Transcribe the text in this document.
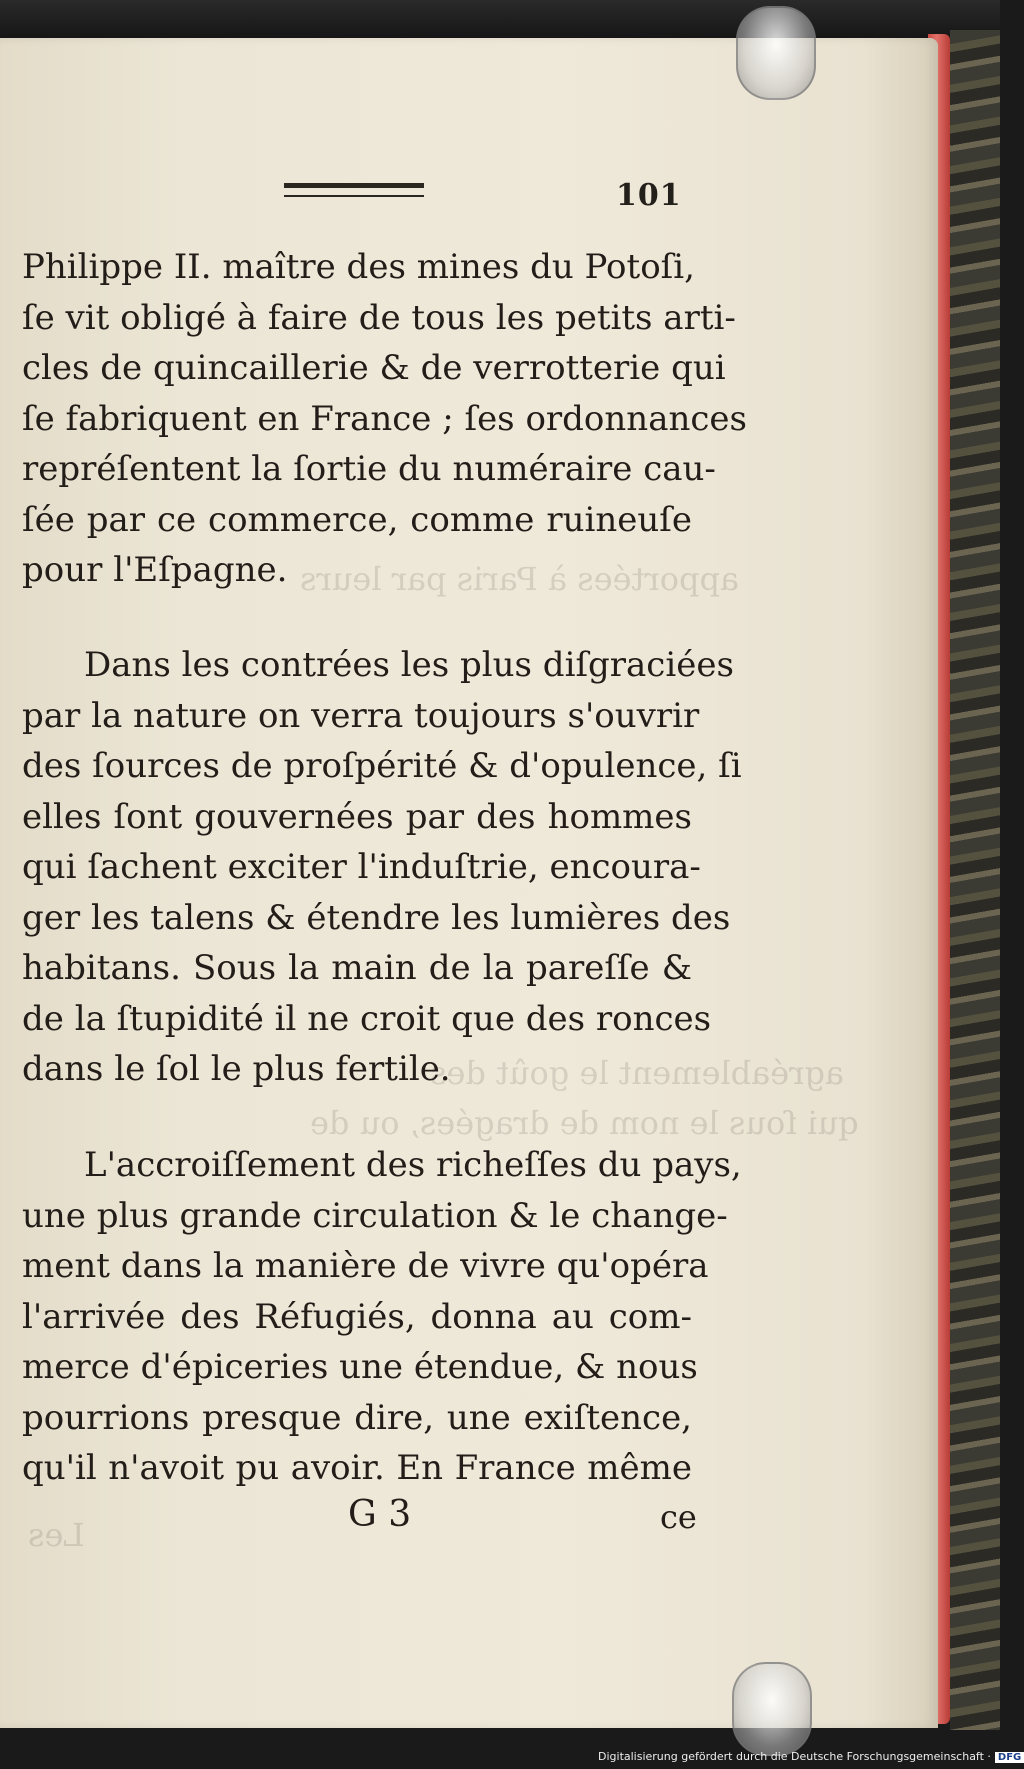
apportées à Paris par leurs
agréablement le goût des
qui ſous le nom de dragées, ou de
Les
101
Philippe II. maître des mines du Potoſi,
ſe vit obligé à faire de tous les petits arti-
cles de quincaillerie & de verrotterie qui
ſe fabriquent en France ; ſes ordonnances
repréſentent la ſortie du numéraire cau-
ſée par ce commerce, comme ruineuſe
pour l'Eſpagne.
Dans les contrées les plus diſgraciées
par la nature on verra toujours s'ouvrir
des ſources de proſpérité & d'opulence, ſi
elles ſont gouvernées par des hommes
qui ſachent exciter l'induſtrie, encoura-
ger les talens & étendre les lumières des
habitans. Sous la main de la pareſſe &
de la ſtupidité il ne croit que des ronces
dans le ſol le plus fertile.
L'accroiſſement des richeſſes du pays,
une plus grande circulation & le change-
ment dans la manière de vivre qu'opéra
l'arrivée des Réfugiés, donna au com-
merce d'épiceries une étendue, & nous
pourrions presque dire, une exiſtence,
qu'il n'avoit pu avoir. En France même
G 3	ce
Digitalisierung gefördert durch die Deutsche Forschungsgemeinschaft · DFG
